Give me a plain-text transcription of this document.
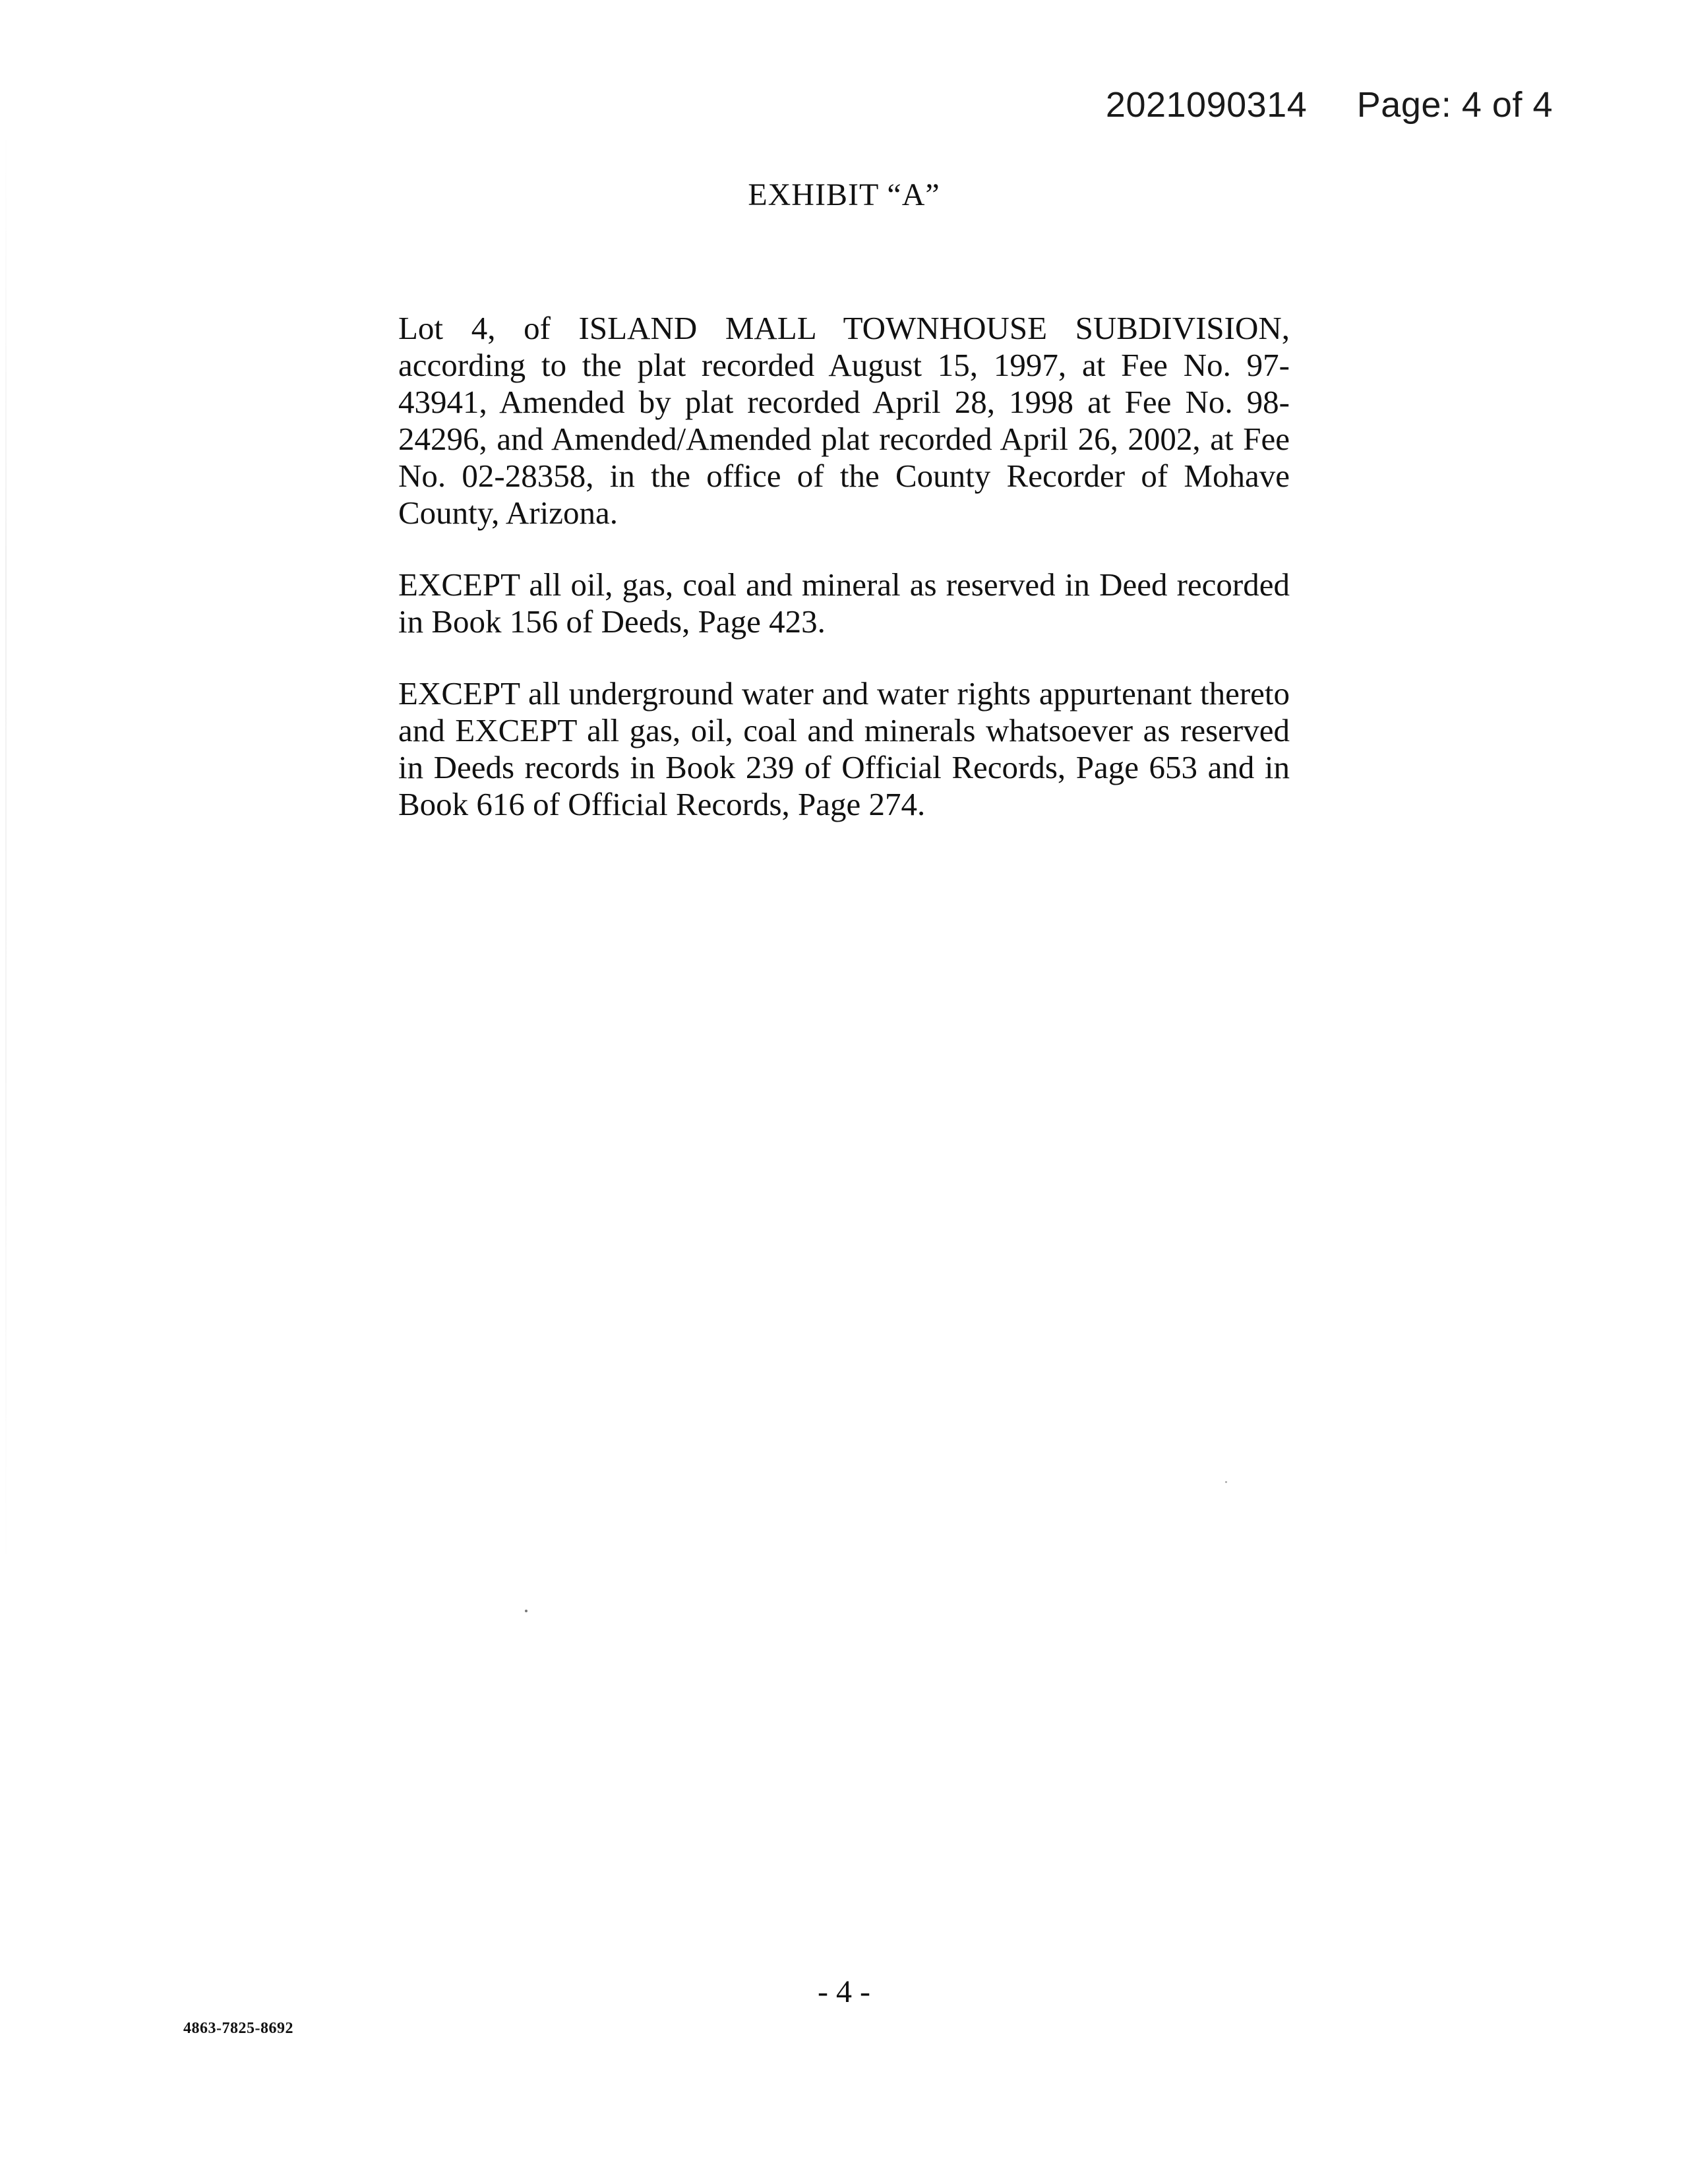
2021090314 Page: 4 of 4
EXHIBIT “A”

Lot 4, of ISLAND MALL TOWNHOUSE SUBDIVISION, according to the plat recorded August 15, 1997, at Fee No. 97-43941, Amended by plat recorded April 28, 1998 at Fee No. 98-24296, and Amended/Amended plat recorded April 26, 2002, at Fee No. 02-28358, in the office of the County Recorder of Mohave County, Arizona.

EXCEPT all oil, gas, coal and mineral as reserved in Deed recorded in Book 156 of Deeds, Page 423.

EXCEPT all underground water and water rights appurtenant thereto and EXCEPT all gas, oil, coal and minerals whatsoever as reserved in Deeds records in Book 239 of Official Records, Page 653 and in Book 616 of Official Records, Page 274.

- 4 -
4863-7825-8692
